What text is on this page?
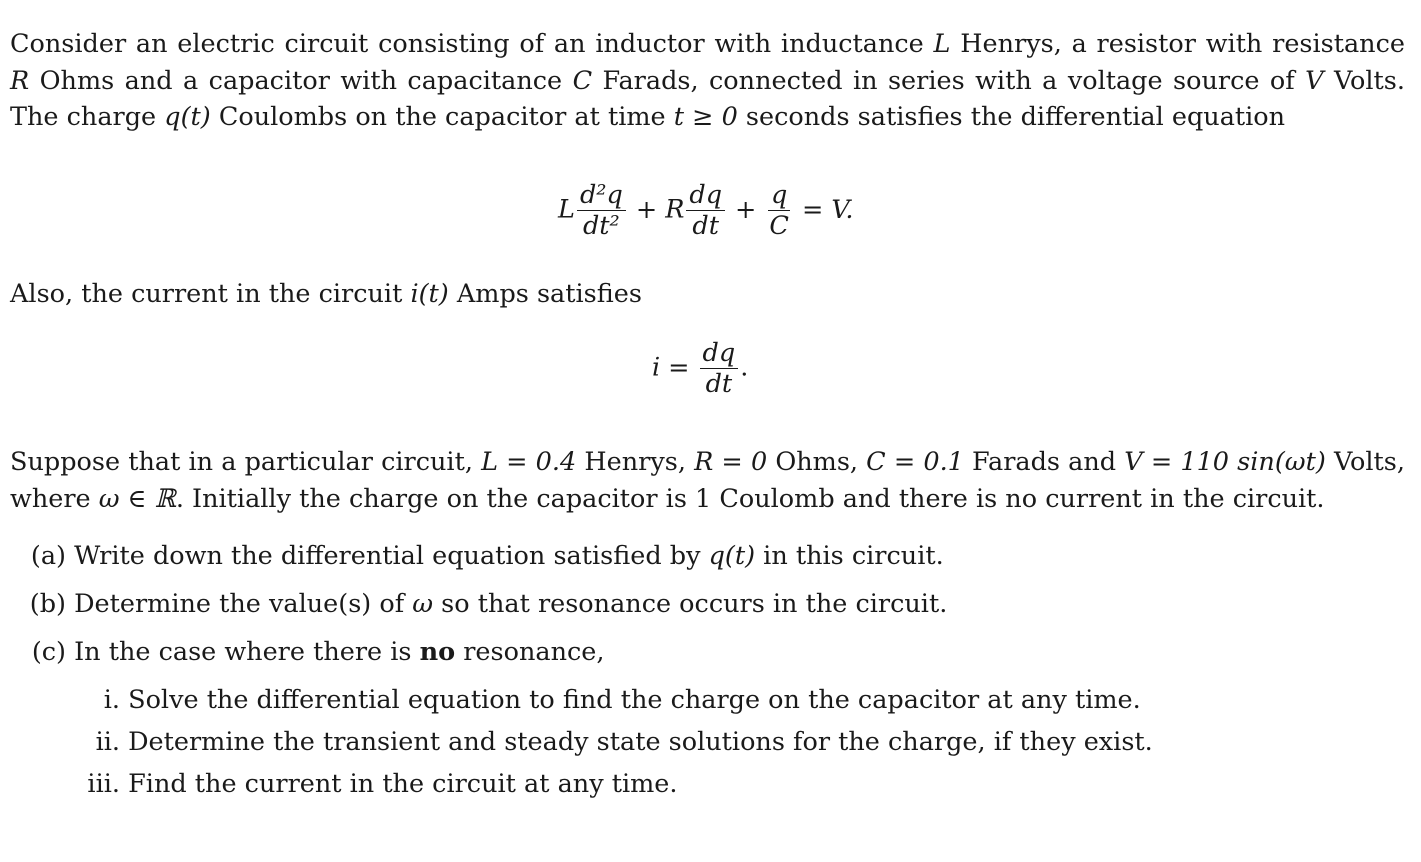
Consider an electric circuit consisting of an inductor with inductance L Henrys, a resistor with resistance R Ohms and a capacitor with capacitance C Farads, connected in series with a voltage source of V Volts. The charge q(t) Coulombs on the capacitor at time t ≥ 0 seconds satisfies the differential equation

L $\frac{\text{d²q}}{\text{dt²}} + R \frac{dq}{dt} + \frac{q}{C} = V$.
Also, the current in the circuit i(t) Amps satisfies
$i = \frac{dq}{dt}$ .

Suppose that in a particular circuit, L = 0.4 Henrys, R = 0 Ohms, C = 0.1 Farads and V = 110 sin(ωt) Volts, where ω ∈ ℝ. Initially the charge on the capacitor is 1 Coulomb and there is no current in the circuit.

(a) Write down the differential equation satisfied by q(t) in this circuit.
(b) Determine the value(s) of ω so that resonance occurs in the circuit.
(c) In the case where there is no resonance,
i. Solve the differential equation to find the charge on the capacitor at any time.
ii. Determine the transient and steady state solutions for the charge, if they exist.
iii. Find the current in the circuit at any time.
